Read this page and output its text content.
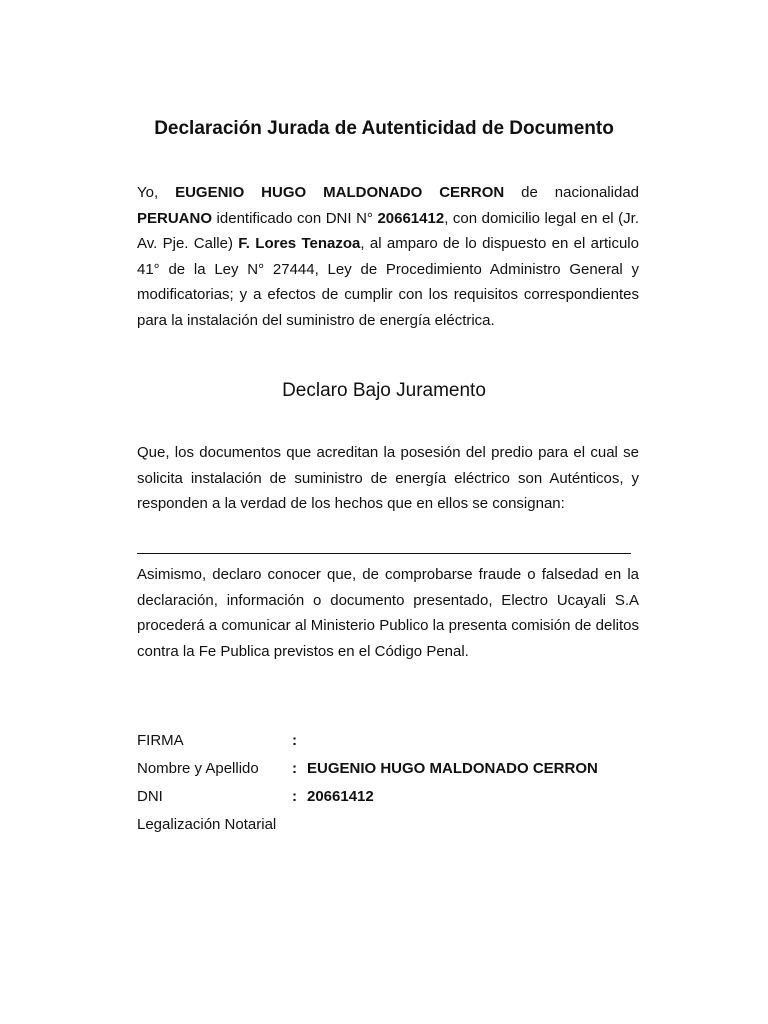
Declaración Jurada de Autenticidad de Documento
Yo, EUGENIO HUGO MALDONADO CERRON de nacionalidad PERUANO identificado con DNI N° 20661412, con domicilio legal en el (Jr. Av. Pje. Calle) F. Lores Tenazoa, al amparo de lo dispuesto en el articulo 41° de la Ley N° 27444, Ley de Procedimiento Administro General y modificatorias; y a efectos de cumplir con los requisitos correspondientes para la instalación del suministro de energía eléctrica.
Declaro Bajo Juramento
Que, los documentos que acreditan la posesión del predio para el cual se solicita instalación de suministro de energía eléctrico son Auténticos, y responden a la verdad de los hechos que en ellos se consignan:
Asimismo, declaro conocer que, de comprobarse fraude o falsedad en la declaración, información o documento presentado, Electro Ucayali S.A procederá a comunicar al Ministerio Publico la presenta comisión de delitos contra la Fe Publica previstos en el Código Penal.
FIRMA	:
Nombre y Apellido : EUGENIO HUGO MALDONADO CERRON
DNI	: 20661412
Legalización Notarial
